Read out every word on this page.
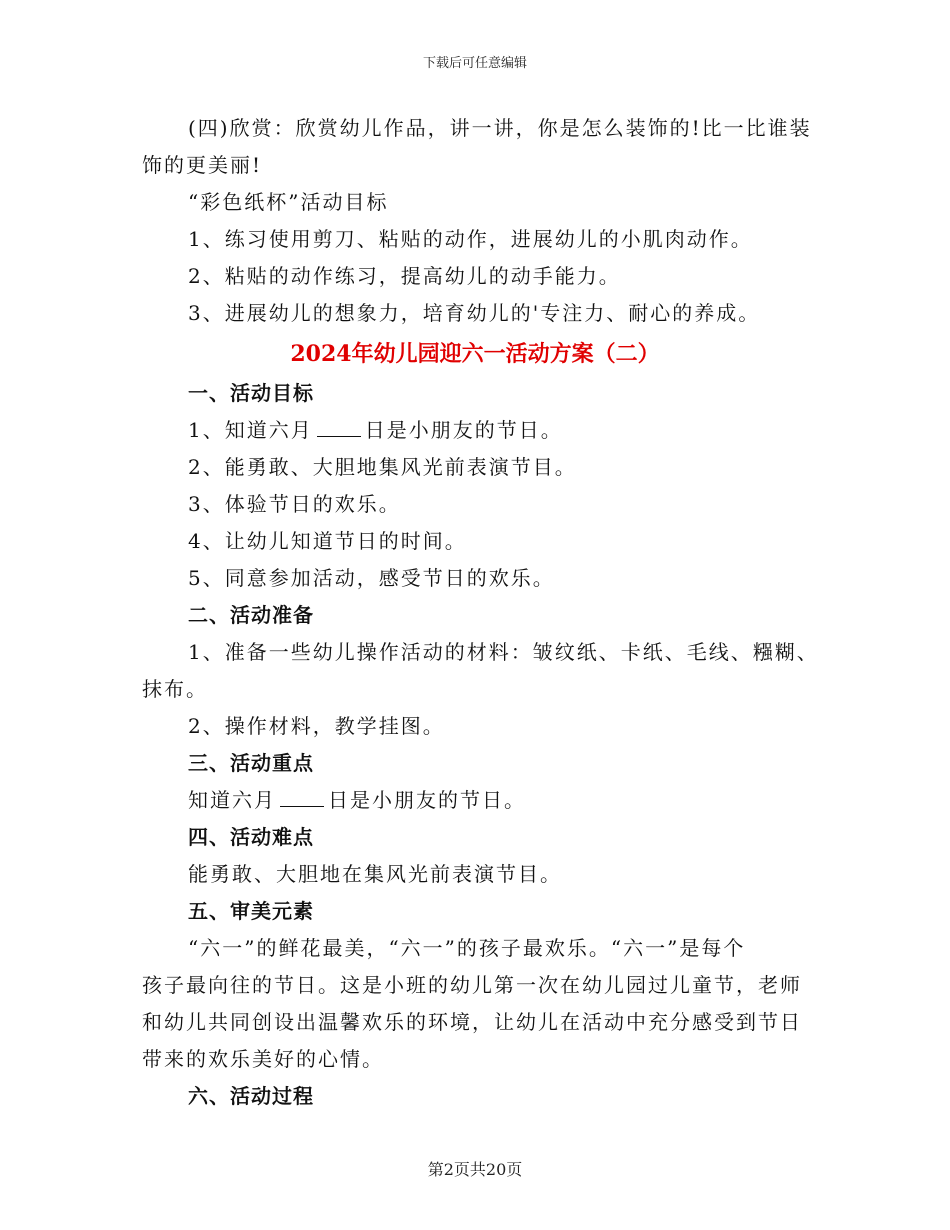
下载后可任意编辑
(四)欣赏：欣赏幼儿作品，讲一讲，你是怎么装饰的!比一比谁装
饰的更美丽!
“彩色纸杯”活动目标
1、练习使用剪刀、粘贴的动作，进展幼儿的小肌肉动作。
2、粘贴的动作练习，提高幼儿的动手能力。
3、进展幼儿的想象力，培育幼儿的'专注力、耐心的养成。
2024年幼儿园迎六一活动方案（二）
一、活动目标
1、知道六月	日是小朋友的节日。
2、能勇敢、大胆地集风光前表演节目。
3、体验节日的欢乐。
4、让幼儿知道节日的时间。
5、同意参加活动，感受节日的欢乐。
二、活动准备
1、准备一些幼儿操作活动的材料：皱纹纸、卡纸、毛线、糨糊、
抹布。
2、操作材料，教学挂图。
三、活动重点
知道六月	日是小朋友的节日。
四、活动难点
能勇敢、大胆地在集风光前表演节目。
五、审美元素
“六一”的鲜花最美，“六一”的孩子最欢乐。“六一”是每个
孩子最向往的节日。这是小班的幼儿第一次在幼儿园过儿童节，老师
和幼儿共同创设出温馨欢乐的环境，让幼儿在活动中充分感受到节日
带来的欢乐美好的心情。
六、活动过程
第2页共20页
